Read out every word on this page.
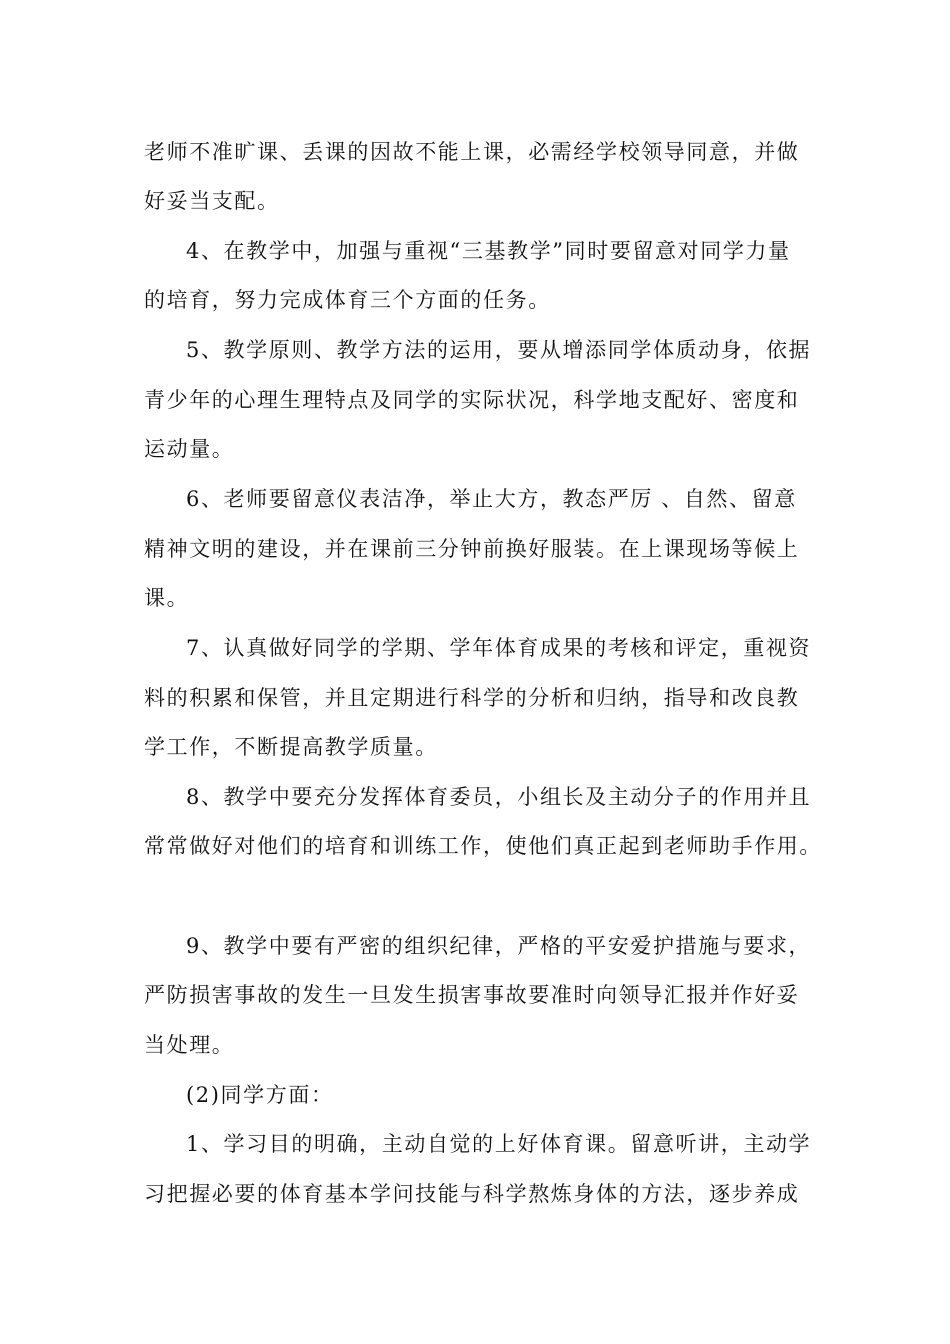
老师不准旷课、丢课的因故不能上课，必需经学校领导同意，并做
好妥当支配。
4、在教学中，加强与重视“三基教学”同时要留意对同学力量
的培育，努力完成体育三个方面的任务。
5、教学原则、教学方法的运用，要从增添同学体质动身，依据
青少年的心理生理特点及同学的实际状况，科学地支配好、密度和
运动量。
6、老师要留意仪表洁净，举止大方，教态严厉 、自然、留意
精神文明的建设，并在课前三分钟前换好服装。在上课现场等候上
课。
7、认真做好同学的学期、学年体育成果的考核和评定，重视资
料的积累和保管，并且定期进行科学的分析和归纳，指导和改良教
学工作，不断提高教学质量。
8、教学中要充分发挥体育委员，小组长及主动分子的作用并且
常常做好对他们的培育和训练工作，使他们真正起到老师助手作用。
9、教学中要有严密的组织纪律，严格的平安爱护措施与要求，
严防损害事故的发生一旦发生损害事故要准时向领导汇报并作好妥
当处理。
(2)同学方面：
1、学习目的明确，主动自觉的上好体育课。留意听讲，主动学
习把握必要的体育基本学问技能与科学熬炼身体的方法，逐步养成
